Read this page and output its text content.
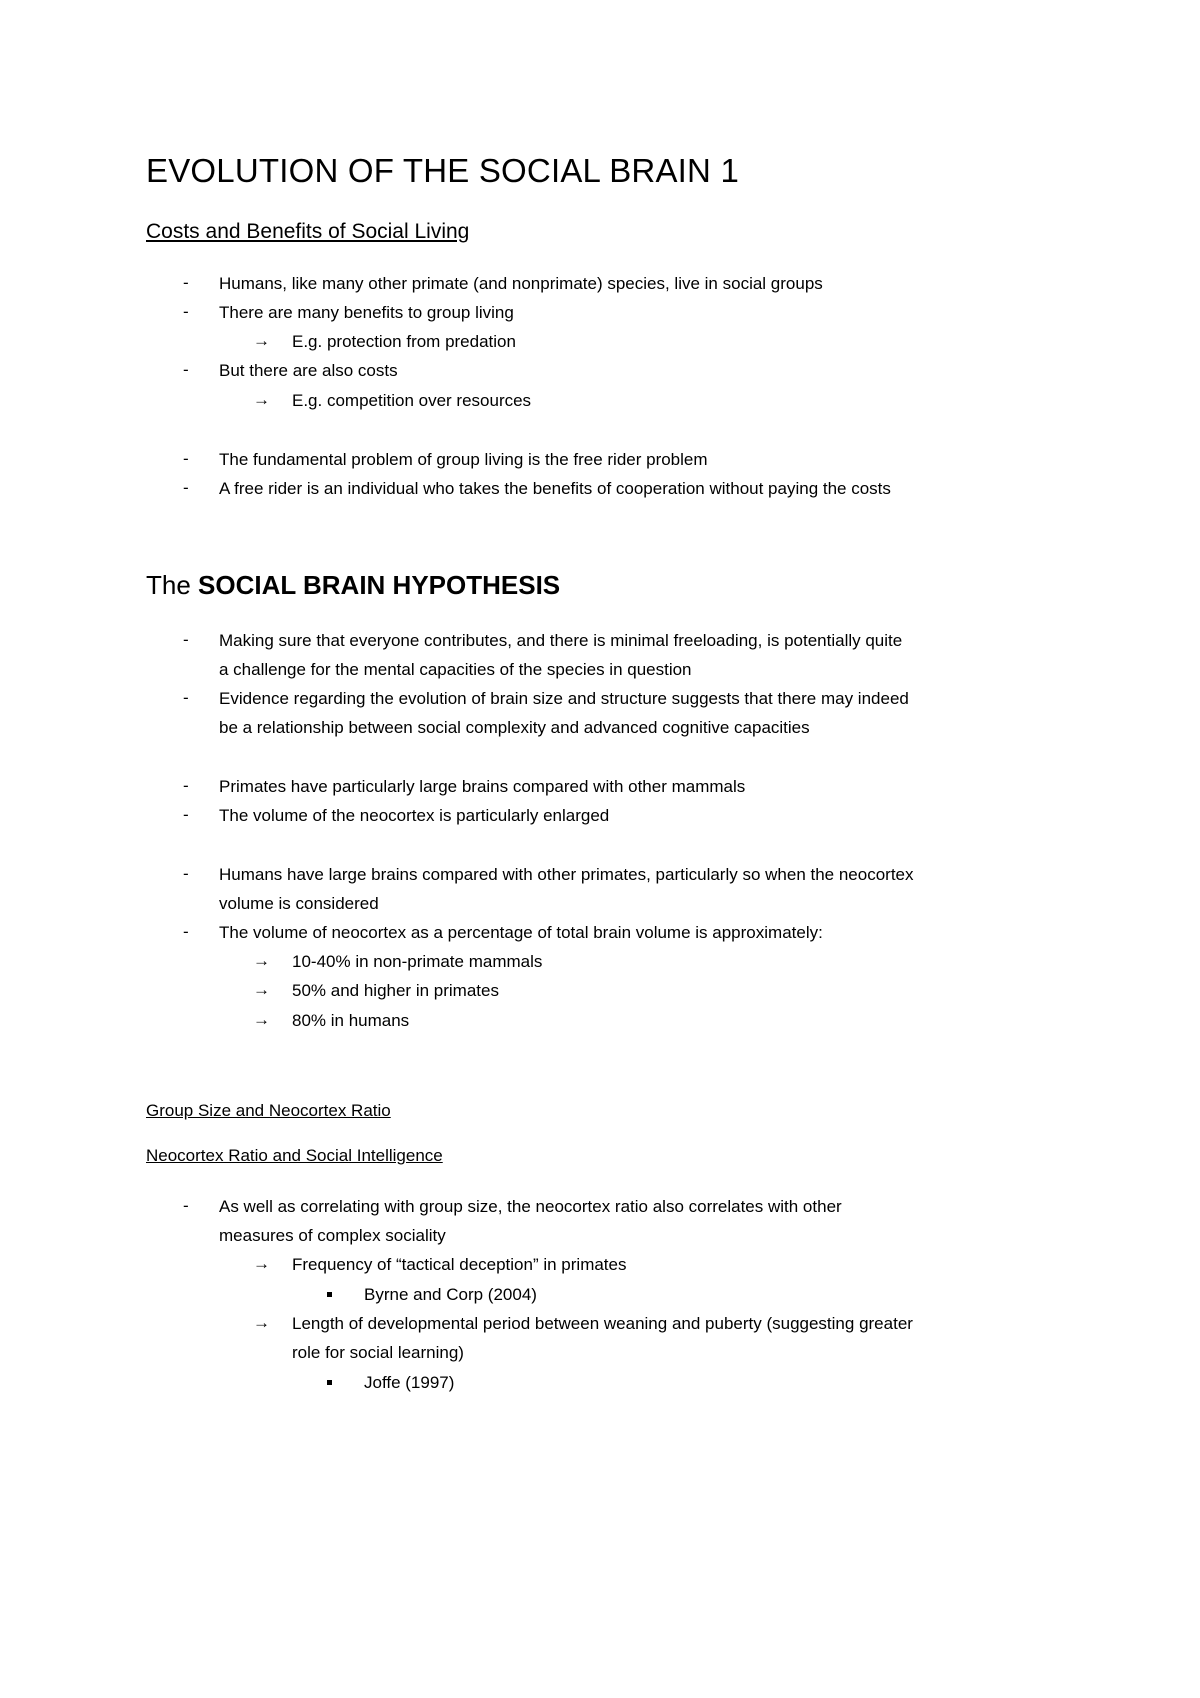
EVOLUTION OF THE SOCIAL BRAIN 1
Costs and Benefits of Social Living
- Humans, like many other primate (and nonprimate) species, live in social groups
- There are many benefits to group living
→ E.g. protection from predation
- But there are also costs
→ E.g. competition over resources
- The fundamental problem of group living is the free rider problem
- A free rider is an individual who takes the benefits of cooperation without paying the costs
The SOCIAL BRAIN HYPOTHESIS
- Making sure that everyone contributes, and there is minimal freeloading, is potentially quite
a challenge for the mental capacities of the species in question
- Evidence regarding the evolution of brain size and structure suggests that there may indeed
be a relationship between social complexity and advanced cognitive capacities
- Primates have particularly large brains compared with other mammals
- The volume of the neocortex is particularly enlarged
- Humans have large brains compared with other primates, particularly so when the neocortex
volume is considered
- The volume of neocortex as a percentage of total brain volume is approximately:
→ 10-40% in non-primate mammals
→ 50% and higher in primates
→ 80% in humans
Group Size and Neocortex Ratio
Neocortex Ratio and Social Intelligence
- As well as correlating with group size, the neocortex ratio also correlates with other
measures of complex sociality
→ Frequency of “tactical deception” in primates
Byrne and Corp (2004)
→ Length of developmental period between weaning and puberty (suggesting greater
role for social learning)
Joffe (1997)
